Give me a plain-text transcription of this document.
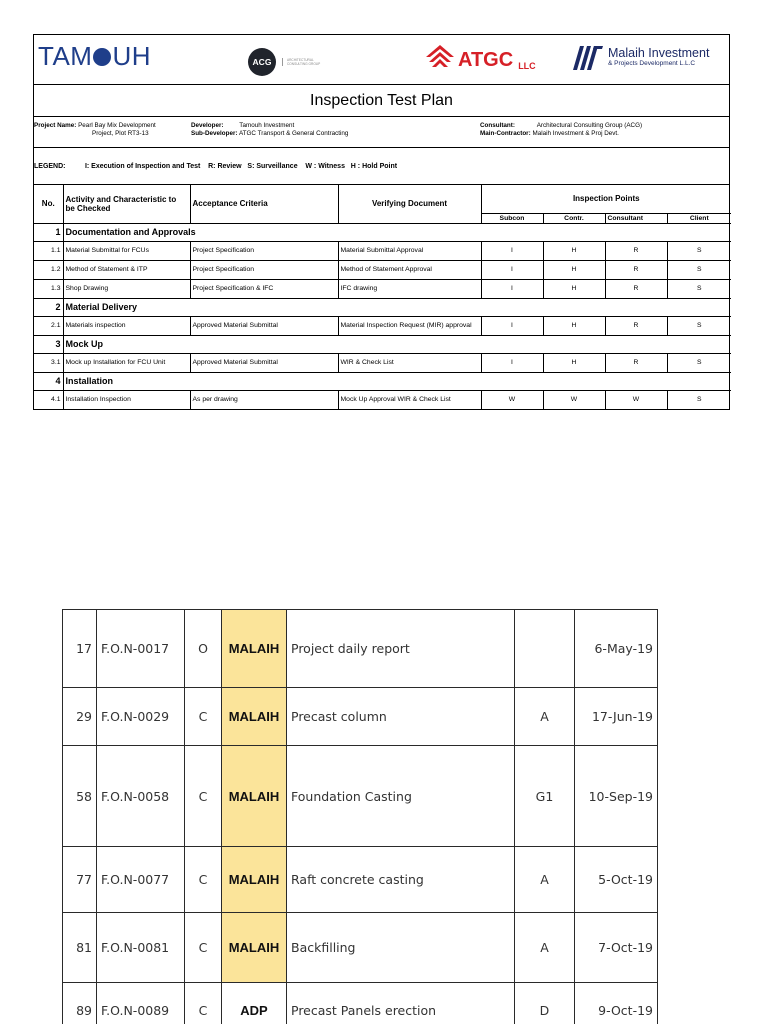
TAM UH	ACG	ARCHITECTURAL CONSULTING GROUP	ATGC LLC
Malaih Investment
& Projects Development L.L.C
Inspection Test Plan
Project Name: Pearl Bay Mix Development
Project, Plot RT3-13
Developer:	Tamouh Investment
Sub-Developer: ATGC Transport & General Contracting
Consultant:	Architectural Consulting Group (ACG)
Main-Contractor: Malaih Investment & Proj Devt.
LEGEND:          I: Execution of Inspection and Test    R: Review   S: Surveillance    W : Witness   H : Hold Point
No.	Activity and Characteristic to be Checked	Acceptance Criteria	Verifying Document	Inspection Points			
				Subcon	Contr.	Consultant	Client
1	Documentation and Approvals						
1.1	Material Submittal for FCUs	Project Specification	Material Submittal Approval	I	H	R	S
1.2	Method of Statement & ITP	Project Specification	Method of Statement Approval	I	H	R	S
1.3	Shop Drawing	Project Specification & IFC	IFC drawing	I	H	R	S
2	Material Delivery						
2.1	Materials inspection	Approved Material Submittal	Material Inspection Request (MIR) approval	I	H	R	S
3	Mock Up						
3.1	Mock up Installation for FCU Unit	Approved Material Submittal	WIR & Check List	I	H	R	S
4	Installation						
4.1	Installation Inspection	As per drawing	Mock Up Approval WIR & Check List	W	W	W	S
17	F.O.N-0017	O	MALAIH	Project daily report		6-May-19
29	F.O.N-0029	C	MALAIH	Precast column	A	17-Jun-19
58	F.O.N-0058	C	MALAIH	Foundation Casting	G1	10-Sep-19
77	F.O.N-0077	C	MALAIH	Raft concrete casting	A	5-Oct-19
81	F.O.N-0081	C	MALAIH	Backfilling	A	7-Oct-19
89	F.O.N-0089	C	ADP	Precast Panels erection	D	9-Oct-19
